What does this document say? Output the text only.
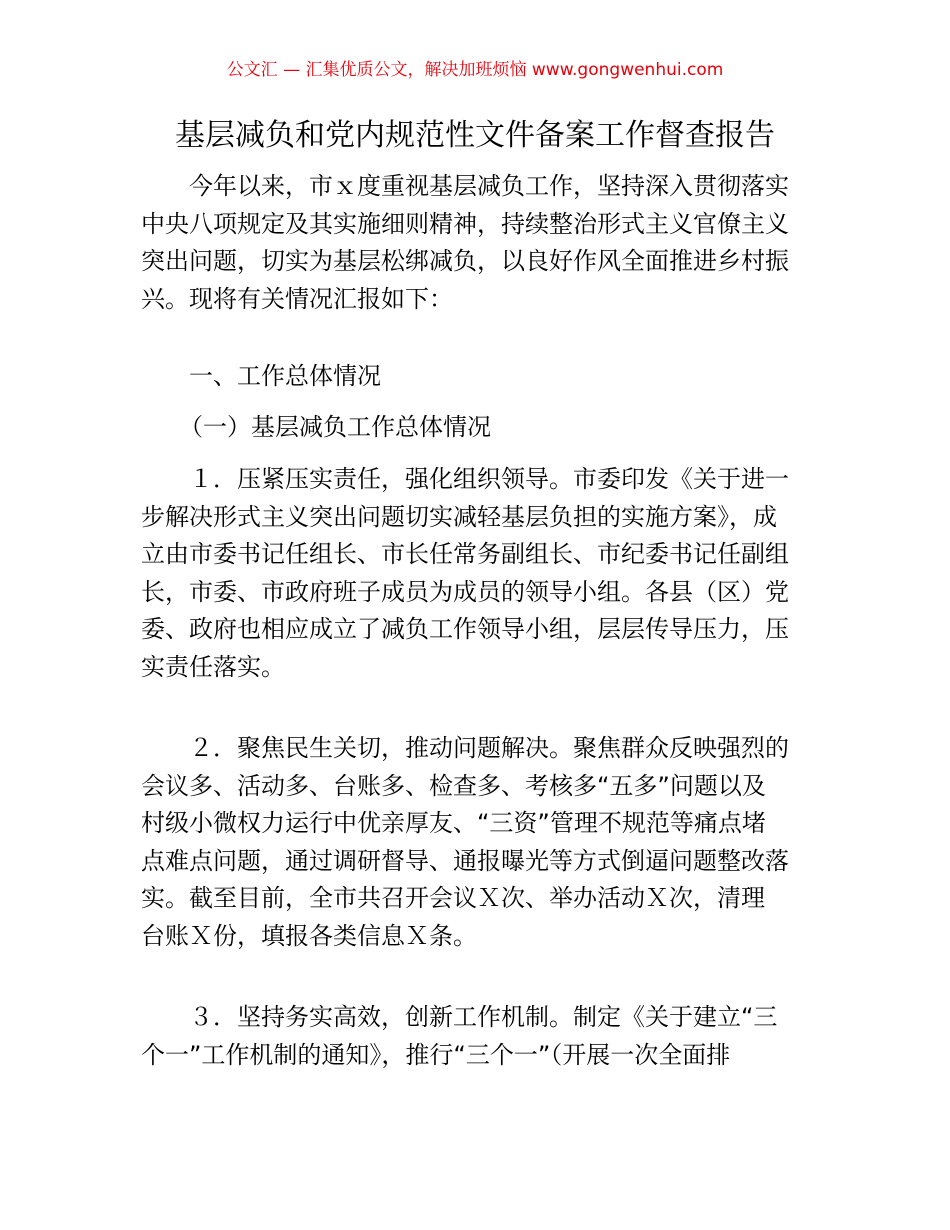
公文汇 — 汇集优质公文，解决加班烦恼 www.gongwenhui.com
基层减负和党内规范性文件备案工作督查报告
今年以来，市ｘ度重视基层减负工作，坚持深入贯彻落实
中央八项规定及其实施细则精神，持续整治形式主义官僚主义
突出问题，切实为基层松绑减负，以良好作风全面推进乡村振
兴。现将有关情况汇报如下：
一、工作总体情况
（一）基层减负工作总体情况
１．压紧压实责任，强化组织领导。市委印发《关于进一
步解决形式主义突出问题切实减轻基层负担的实施方案》，成
立由市委书记任组长、市长任常务副组长、市纪委书记任副组
长，市委、市政府班子成员为成员的领导小组。各县（区）党
委、政府也相应成立了减负工作领导小组，层层传导压力，压
实责任落实。
２．聚焦民生关切，推动问题解决。聚焦群众反映强烈的
会议多、活动多、台账多、检查多、考核多“五多”问题以及
村级小微权力运行中优亲厚友、“三资”管理不规范等痛点堵
点难点问题，通过调研督导、通报曝光等方式倒逼问题整改落
实。截至目前，全市共召开会议Ｘ次、举办活动Ｘ次，清理
台账Ｘ份，填报各类信息Ｘ条。
３．坚持务实高效，创新工作机制。制定《关于建立“三
个一”工作机制的通知》，推行“三个一”（开展一次全面排
